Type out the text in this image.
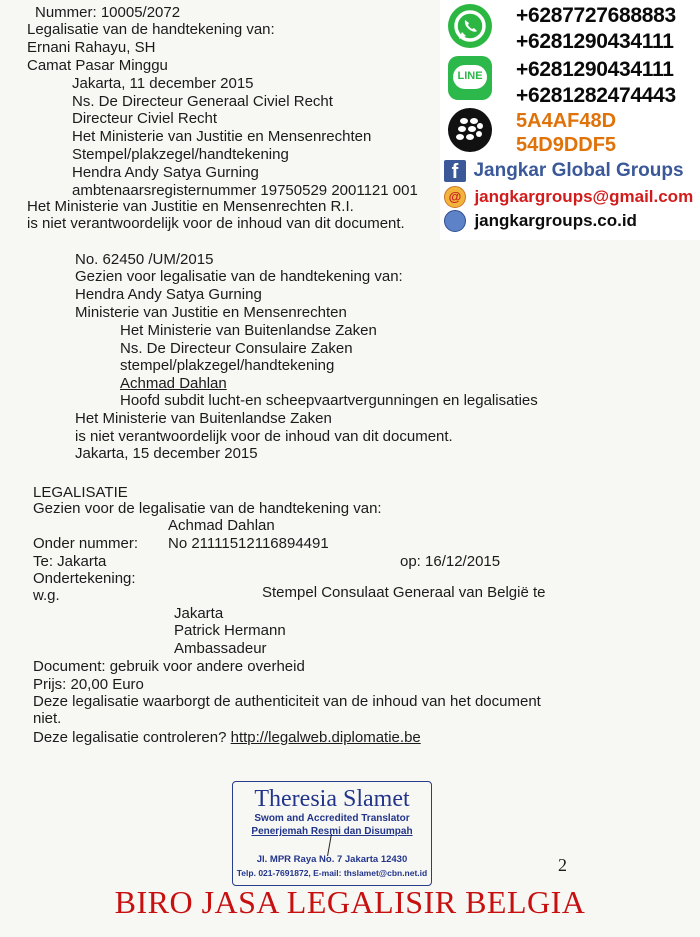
Nummer: 10005/2072
Legalisatie van de handtekening van:
Ernani Rahayu, SH
Camat Pasar Minggu
Jakarta, 11 december 2015
Ns. De Directeur Generaal Civiel Recht
Directeur Civiel Recht
Het Ministerie van Justitie en Mensenrechten
Stempel/plakzegel/handtekening
Hendra Andy Satya Gurning
ambtenaarsregisternummer 19750529 2001121 001
Het Ministerie van Justitie en Mensenrechten R.I.
is niet verantwoordelijk voor de inhoud van dit document.
No. 62450 /UM/2015
Gezien voor legalisatie van de handtekening van:
Hendra Andy Satya Gurning
Ministerie van Justitie en Mensenrechten
Het Ministerie van Buitenlandse Zaken
Ns. De Directeur Consulaire Zaken
stempel/plakzegel/handtekening
Achmad Dahlan
Hoofd subdit lucht-en scheepvaartvergunningen en legalisaties
Het Ministerie van Buitenlandse Zaken
is niet verantwoordelijk voor de inhoud van dit document.
Jakarta, 15 december 2015
LEGALISATIE
Gezien voor de legalisatie van de handtekening van:
Achmad Dahlan
Onder nummer: No 21111512116894491
Te: Jakarta	op: 16/12/2015
Ondertekening:
w.g.	Stempel Consulaat Generaal van België te
Jakarta
Patrick Hermann
Ambassadeur
Document: gebruik voor andere overheid
Prijs: 20,00 Euro
Deze legalisatie waarborgt de authenticiteit van de inhoud van het document
niet.
Deze legalisatie controleren? http://legalweb.diplomatie.be
LINE
+6287727688883
+6281290434111
+6281290434111
+6281282474443
5A4AF48D
54D9DDF5
f Jangkar Global Groups
@ jangkargroups@gmail.com
jangkargroups.co.id
Theresia Slamet
Swom and Accredited Translator
Penerjemah Resmi dan Disumpah
Jl. MPR Raya No. 7 Jakarta 12430
Telp. 021-7691872, E-mail: thslamet@cbn.net.id	2
BIRO JASA LEGALISIR BELGIA
